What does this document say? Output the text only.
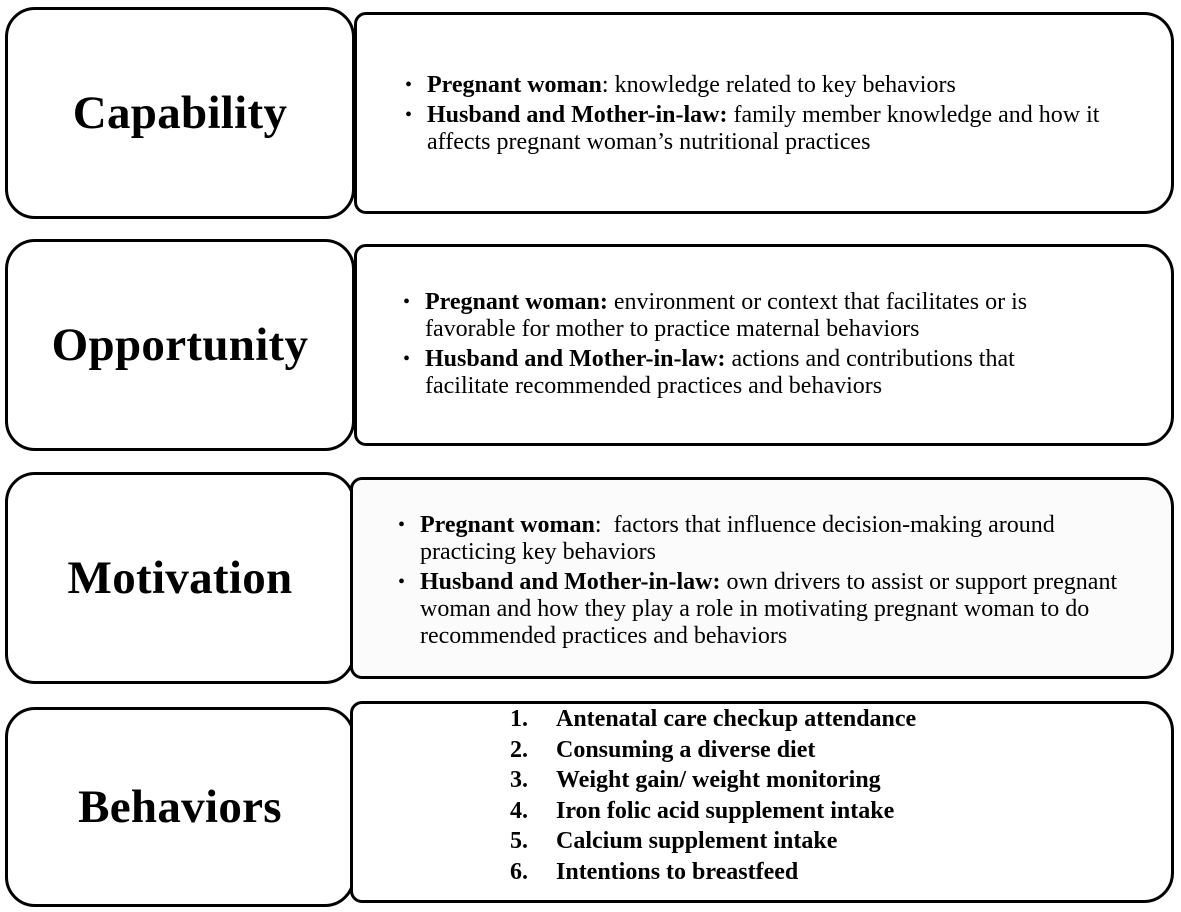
Capability
• Pregnant woman: knowledge related to key behaviors
• Husband and Mother-in-law: family member knowledge and how it affects pregnant woman’s nutritional practices
Opportunity
• Pregnant woman: environment or context that facilitates or is favorable for mother to practice maternal behaviors
• Husband and Mother-in-law: actions and contributions that facilitate recommended practices and behaviors
Motivation
• Pregnant woman:  factors that influence decision-making around practicing key behaviors
• Husband and Mother-in-law: own drivers to assist or support pregnant woman and how they play a role in motivating pregnant woman to do recommended practices and behaviors
Behaviors
1.	Antenatal care checkup attendance
2.	Consuming a diverse diet
3.	Weight gain/ weight monitoring
4.	Iron folic acid supplement intake
5.	Calcium supplement intake
6.	Intentions to breastfeed
